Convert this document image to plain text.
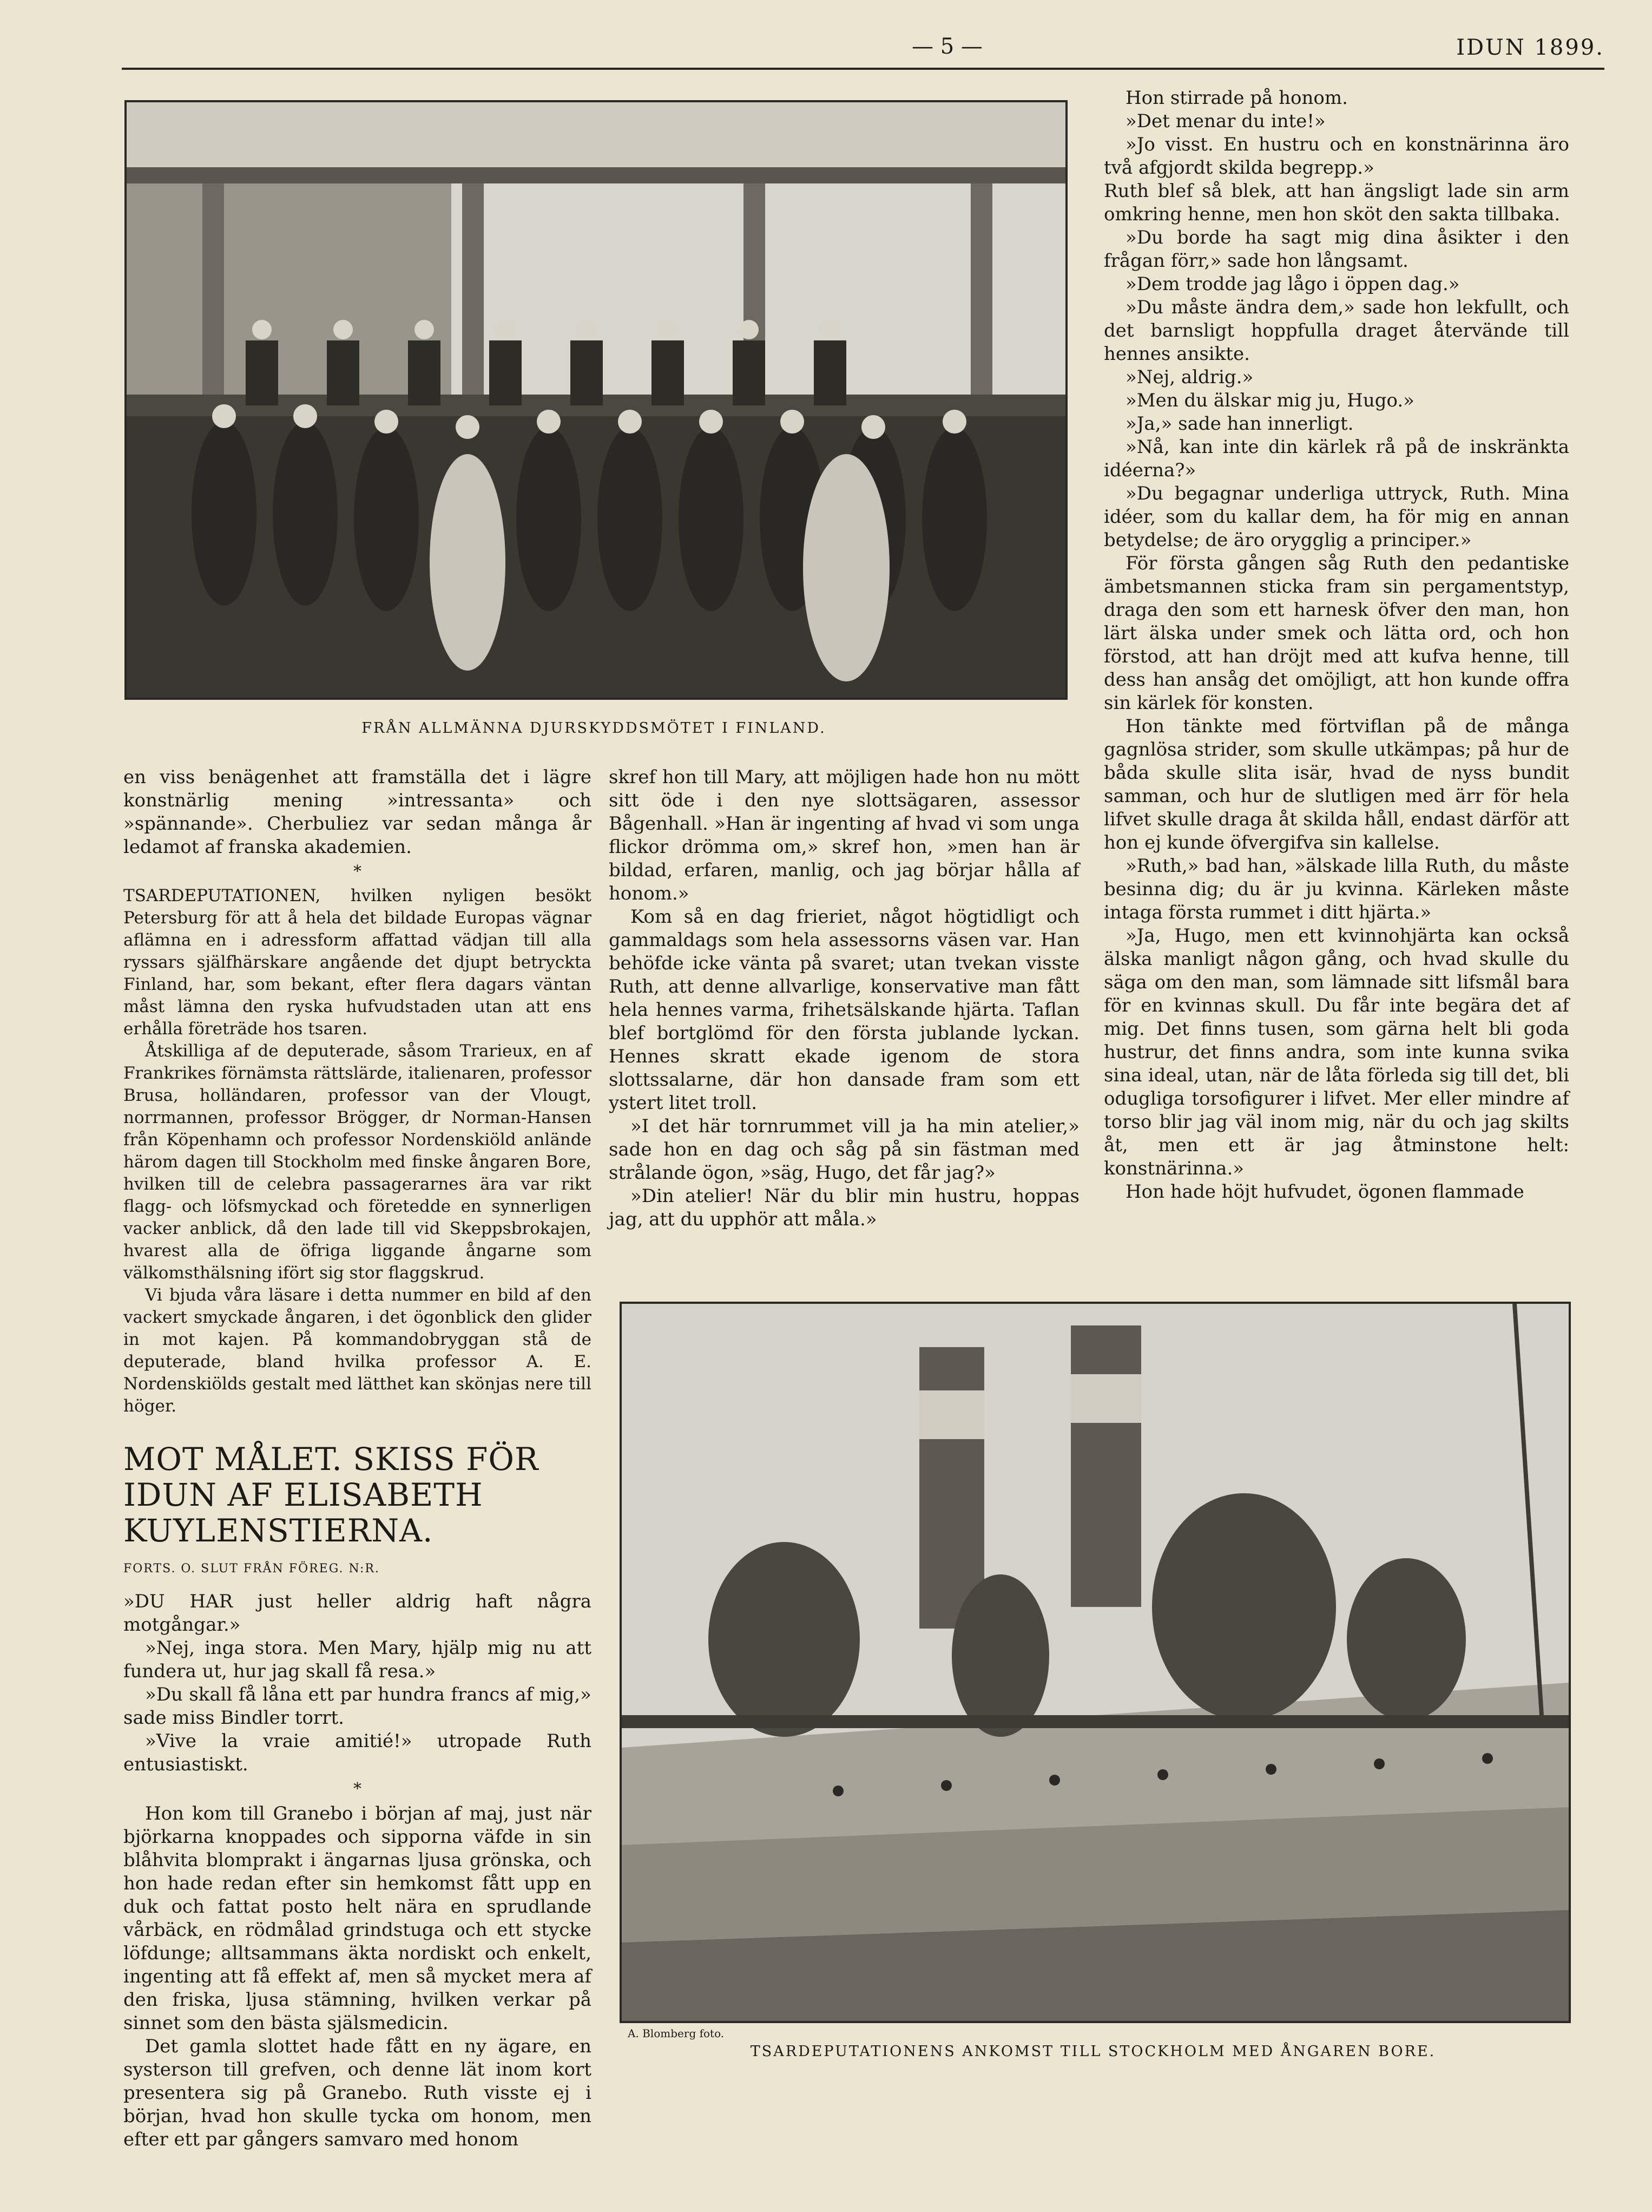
— 5 —	IDUN 1899.
FRÅN ALLMÄNNA DJURSKYDDSMÖTET I FINLAND.

en viss benägenhet att framställa det i lägre konstnärlig mening »intressanta» och »spännande». Cherbuliez var sedan många år ledamot af franska akademien.

*

TSARDEPUTATIONEN, hvilken nyligen besökt Petersburg för att å hela det bildade Europas vägnar aflämna en i adressform affattad vädjan till alla ryssars själfhärskare angående det djupt betryckta Finland, har, som bekant, efter flera dagars väntan måst lämna den ryska hufvudstaden utan att ens erhålla företräde hos tsaren.

Åtskilliga af de deputerade, såsom Trarieux, en af Frankrikes förnämsta rättslärde, italienaren, professor Brusa, holländaren, professor van der Vlougt, norrmannen, professor Brögger, dr Norman-Hansen från Köpenhamn och professor Nordenskiöld anlände härom dagen till Stockholm med finske ångaren Bore, hvilken till de celebra passagerarnes ära var rikt flagg- och löfsmyckad och företedde en synnerligen vacker anblick, då den lade till vid Skeppsbrokajen, hvarest alla de öfriga liggande ångarne som välkomsthälsning ifört sig stor flaggskrud.

Vi bjuda våra läsare i detta nummer en bild af den vackert smyckade ångaren, i det ögonblick den glider in mot kajen. På kommandobryggan stå de deputerade, bland hvilka professor A. E. Nordenskiölds gestalt med lätthet kan skönjas nere till höger.

MOT MÅLET. SKISS FÖR IDUN AF ELISABETH KUYLENSTIERNA.
FORTS. O. SLUT FRÅN FÖREG. N:R.

»DU HAR just heller aldrig haft några motgångar.»

»Nej, inga stora. Men Mary, hjälp mig nu att fundera ut, hur jag skall få resa.»

»Du skall få låna ett par hundra francs af mig,» sade miss Bindler torrt.

»Vive la vraie amitié!» utropade Ruth entusiastiskt.

*

Hon kom till Granebo i början af maj, just när björkarna knoppades och sipporna väfde in sin blåhvita blomprakt i ängarnas ljusa grönska, och hon hade redan efter sin hemkomst fått upp en duk och fattat posto helt nära en sprudlande vårbäck, en rödmålad grindstuga och ett stycke löfdunge; alltsammans äkta nordiskt och enkelt, ingenting att få effekt af, men så mycket mera af den friska, ljusa stämning, hvilken verkar på sinnet som den bästa själsmedicin.

Det gamla slottet hade fått en ny ägare, en systerson till grefven, och denne lät inom kort presentera sig på Granebo. Ruth visste ej i början, hvad hon skulle tycka om honom, men efter ett par gångers samvaro med honom

skref hon till Mary, att möjligen hade hon nu mött sitt öde i den nye slottsägaren, assessor Bågenhall. »Han är ingenting af hvad vi som unga flickor drömma om,» skref hon, »men han är bildad, erfaren, manlig, och jag börjar hålla af honom.»

Kom så en dag frieriet, något högtidligt och gammaldags som hela assessorns väsen var. Han behöfde icke vänta på svaret; utan tvekan visste Ruth, att denne allvarlige, konservative man fått hela hennes varma, frihetsälskande hjärta. Taflan blef bortglömd för den första jublande lyckan. Hennes skratt ekade igenom de stora slottssalarne, där hon dansade fram som ett ystert litet troll.

»I det här tornrummet vill ja ha min atelier,» sade hon en dag och såg på sin fästman med strålande ögon, »säg, Hugo, det får jag?»

»Din atelier! När du blir min hustru, hoppas jag, att du upphör att måla.»

Hon stirrade på honom.

»Det menar du inte!»

»Jo visst. En hustru och en konstnärinna äro två afgjordt skilda begrepp.»

Ruth blef så blek, att han ängsligt lade sin arm omkring henne, men hon sköt den sakta tillbaka.

»Du borde ha sagt mig dina åsikter i den frågan förr,» sade hon långsamt.

»Dem trodde jag lågo i öppen dag.»

»Du måste ändra dem,» sade hon lekfullt, och det barnsligt hoppfulla draget återvände till hennes ansikte.

»Nej, aldrig.»

»Men du älskar mig ju, Hugo.»

»Ja,» sade han innerligt.

»Nå, kan inte din kärlek rå på de inskränkta idéerna?»

»Du begagnar underliga uttryck, Ruth. Mina idéer, som du kallar dem, ha för mig en annan betydelse; de äro orygglig a principer.»

För första gången såg Ruth den pedantiske ämbetsmannen sticka fram sin pergamentstyp, draga den som ett harnesk öfver den man, hon lärt älska under smek och lätta ord, och hon förstod, att han dröjt med att kufva henne, till dess han ansåg det omöjligt, att hon kunde offra sin kärlek för konsten.

Hon tänkte med förtviflan på de många gagnlösa strider, som skulle utkämpas; på hur de båda skulle slita isär, hvad de nyss bundit samman, och hur de slutligen med ärr för hela lifvet skulle draga åt skilda håll, endast därför att hon ej kunde öfvergifva sin kallelse.

»Ruth,» bad han, »älskade lilla Ruth, du måste besinna dig; du är ju kvinna. Kärleken måste intaga första rummet i ditt hjärta.»

»Ja, Hugo, men ett kvinnohjärta kan också älska manligt någon gång, och hvad skulle du säga om den man, som lämnade sitt lifsmål bara för en kvinnas skull. Du får inte begära det af mig. Det finns tusen, som gärna helt bli goda hustrur, det finns andra, som inte kunna svika sina ideal, utan, när de låta förleda sig till det, bli odugliga torsofigurer i lifvet. Mer eller mindre af torso blir jag väl inom mig, när du och jag skilts åt, men ett är jag åtminstone helt: konstnärinna.»

Hon hade höjt hufvudet, ögonen flammade

A. Blomberg foto.
TSARDEPUTATIONENS ANKOMST TILL STOCKHOLM MED ÅNGAREN BORE.
